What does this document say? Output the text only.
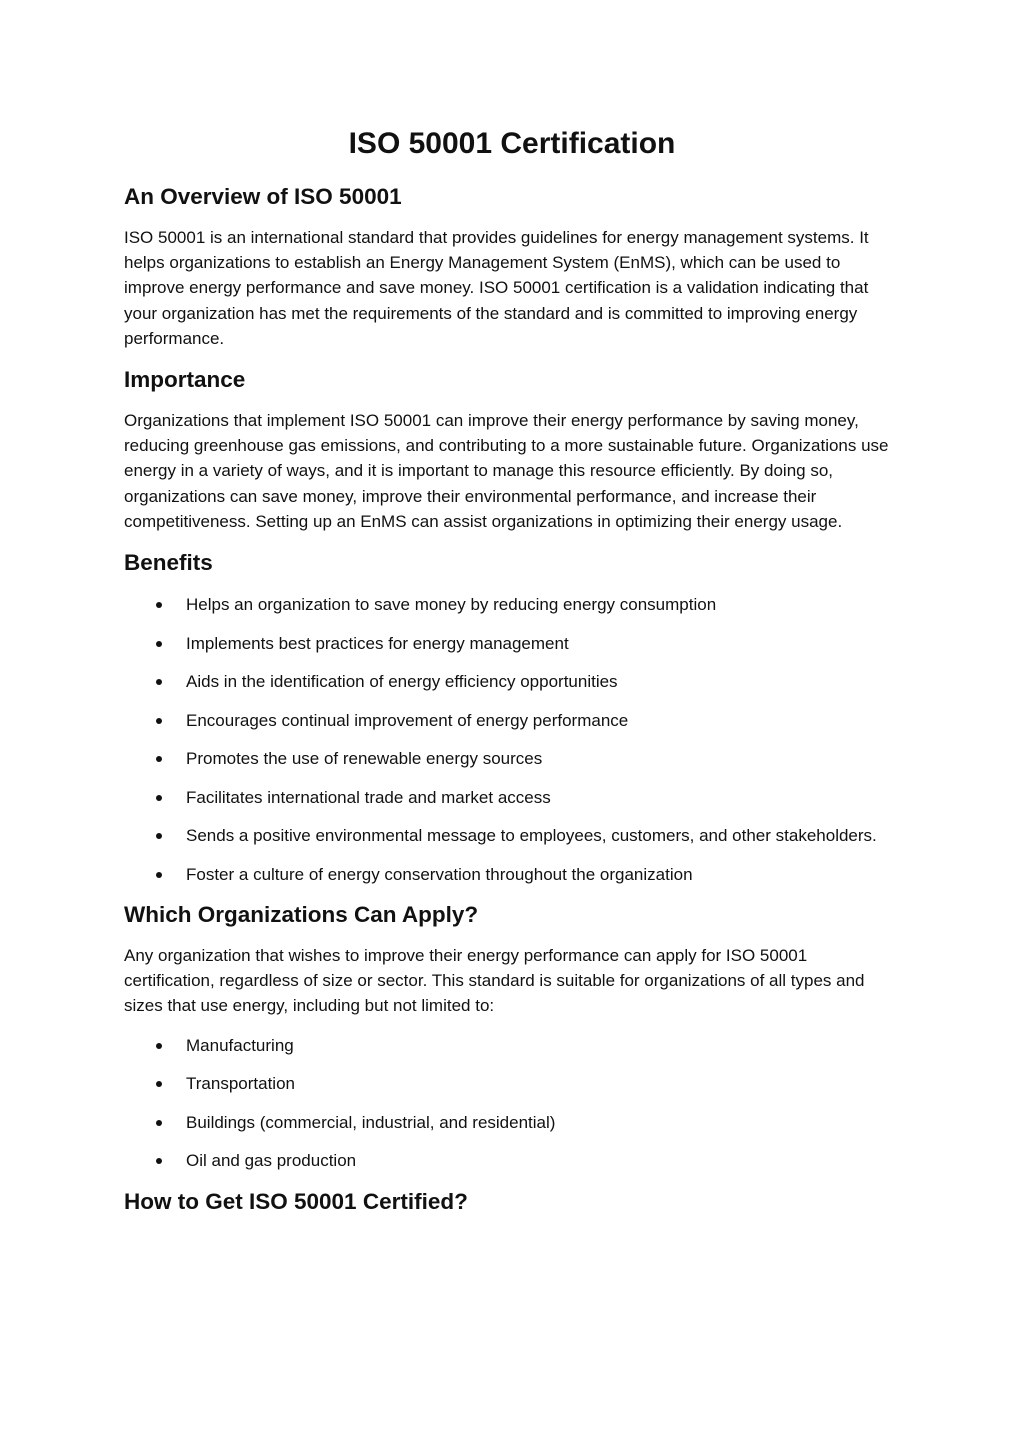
ISO 50001 Certification
An Overview of ISO 50001

ISO 50001 is an international standard that provides guidelines for energy management systems. It helps organizations to establish an Energy Management System (EnMS), which can be used to improve energy performance and save money. ISO 50001 certification is a validation indicating that your organization has met the requirements of the standard and is committed to improving energy performance.

Importance

Organizations that implement ISO 50001 can improve their energy performance by saving money, reducing greenhouse gas emissions, and contributing to a more sustainable future. Organizations use energy in a variety of ways, and it is important to manage this resource efficiently. By doing so, organizations can save money, improve their environmental performance, and increase their competitiveness. Setting up an EnMS can assist organizations in optimizing their energy usage.

Benefits
Helps an organization to save money by reducing energy consumption
Implements best practices for energy management
Aids in the identification of energy efficiency opportunities
Encourages continual improvement of energy performance
Promotes the use of renewable energy sources
Facilitates international trade and market access
Sends a positive environmental message to employees, customers, and other stakeholders.
Foster a culture of energy conservation throughout the organization
Which Organizations Can Apply?

Any organization that wishes to improve their energy performance can apply for ISO 50001 certification, regardless of size or sector. This standard is suitable for organizations of all types and sizes that use energy, including but not limited to:

Manufacturing
Transportation
Buildings (commercial, industrial, and residential)
Oil and gas production
How to Get ISO 50001 Certified?
